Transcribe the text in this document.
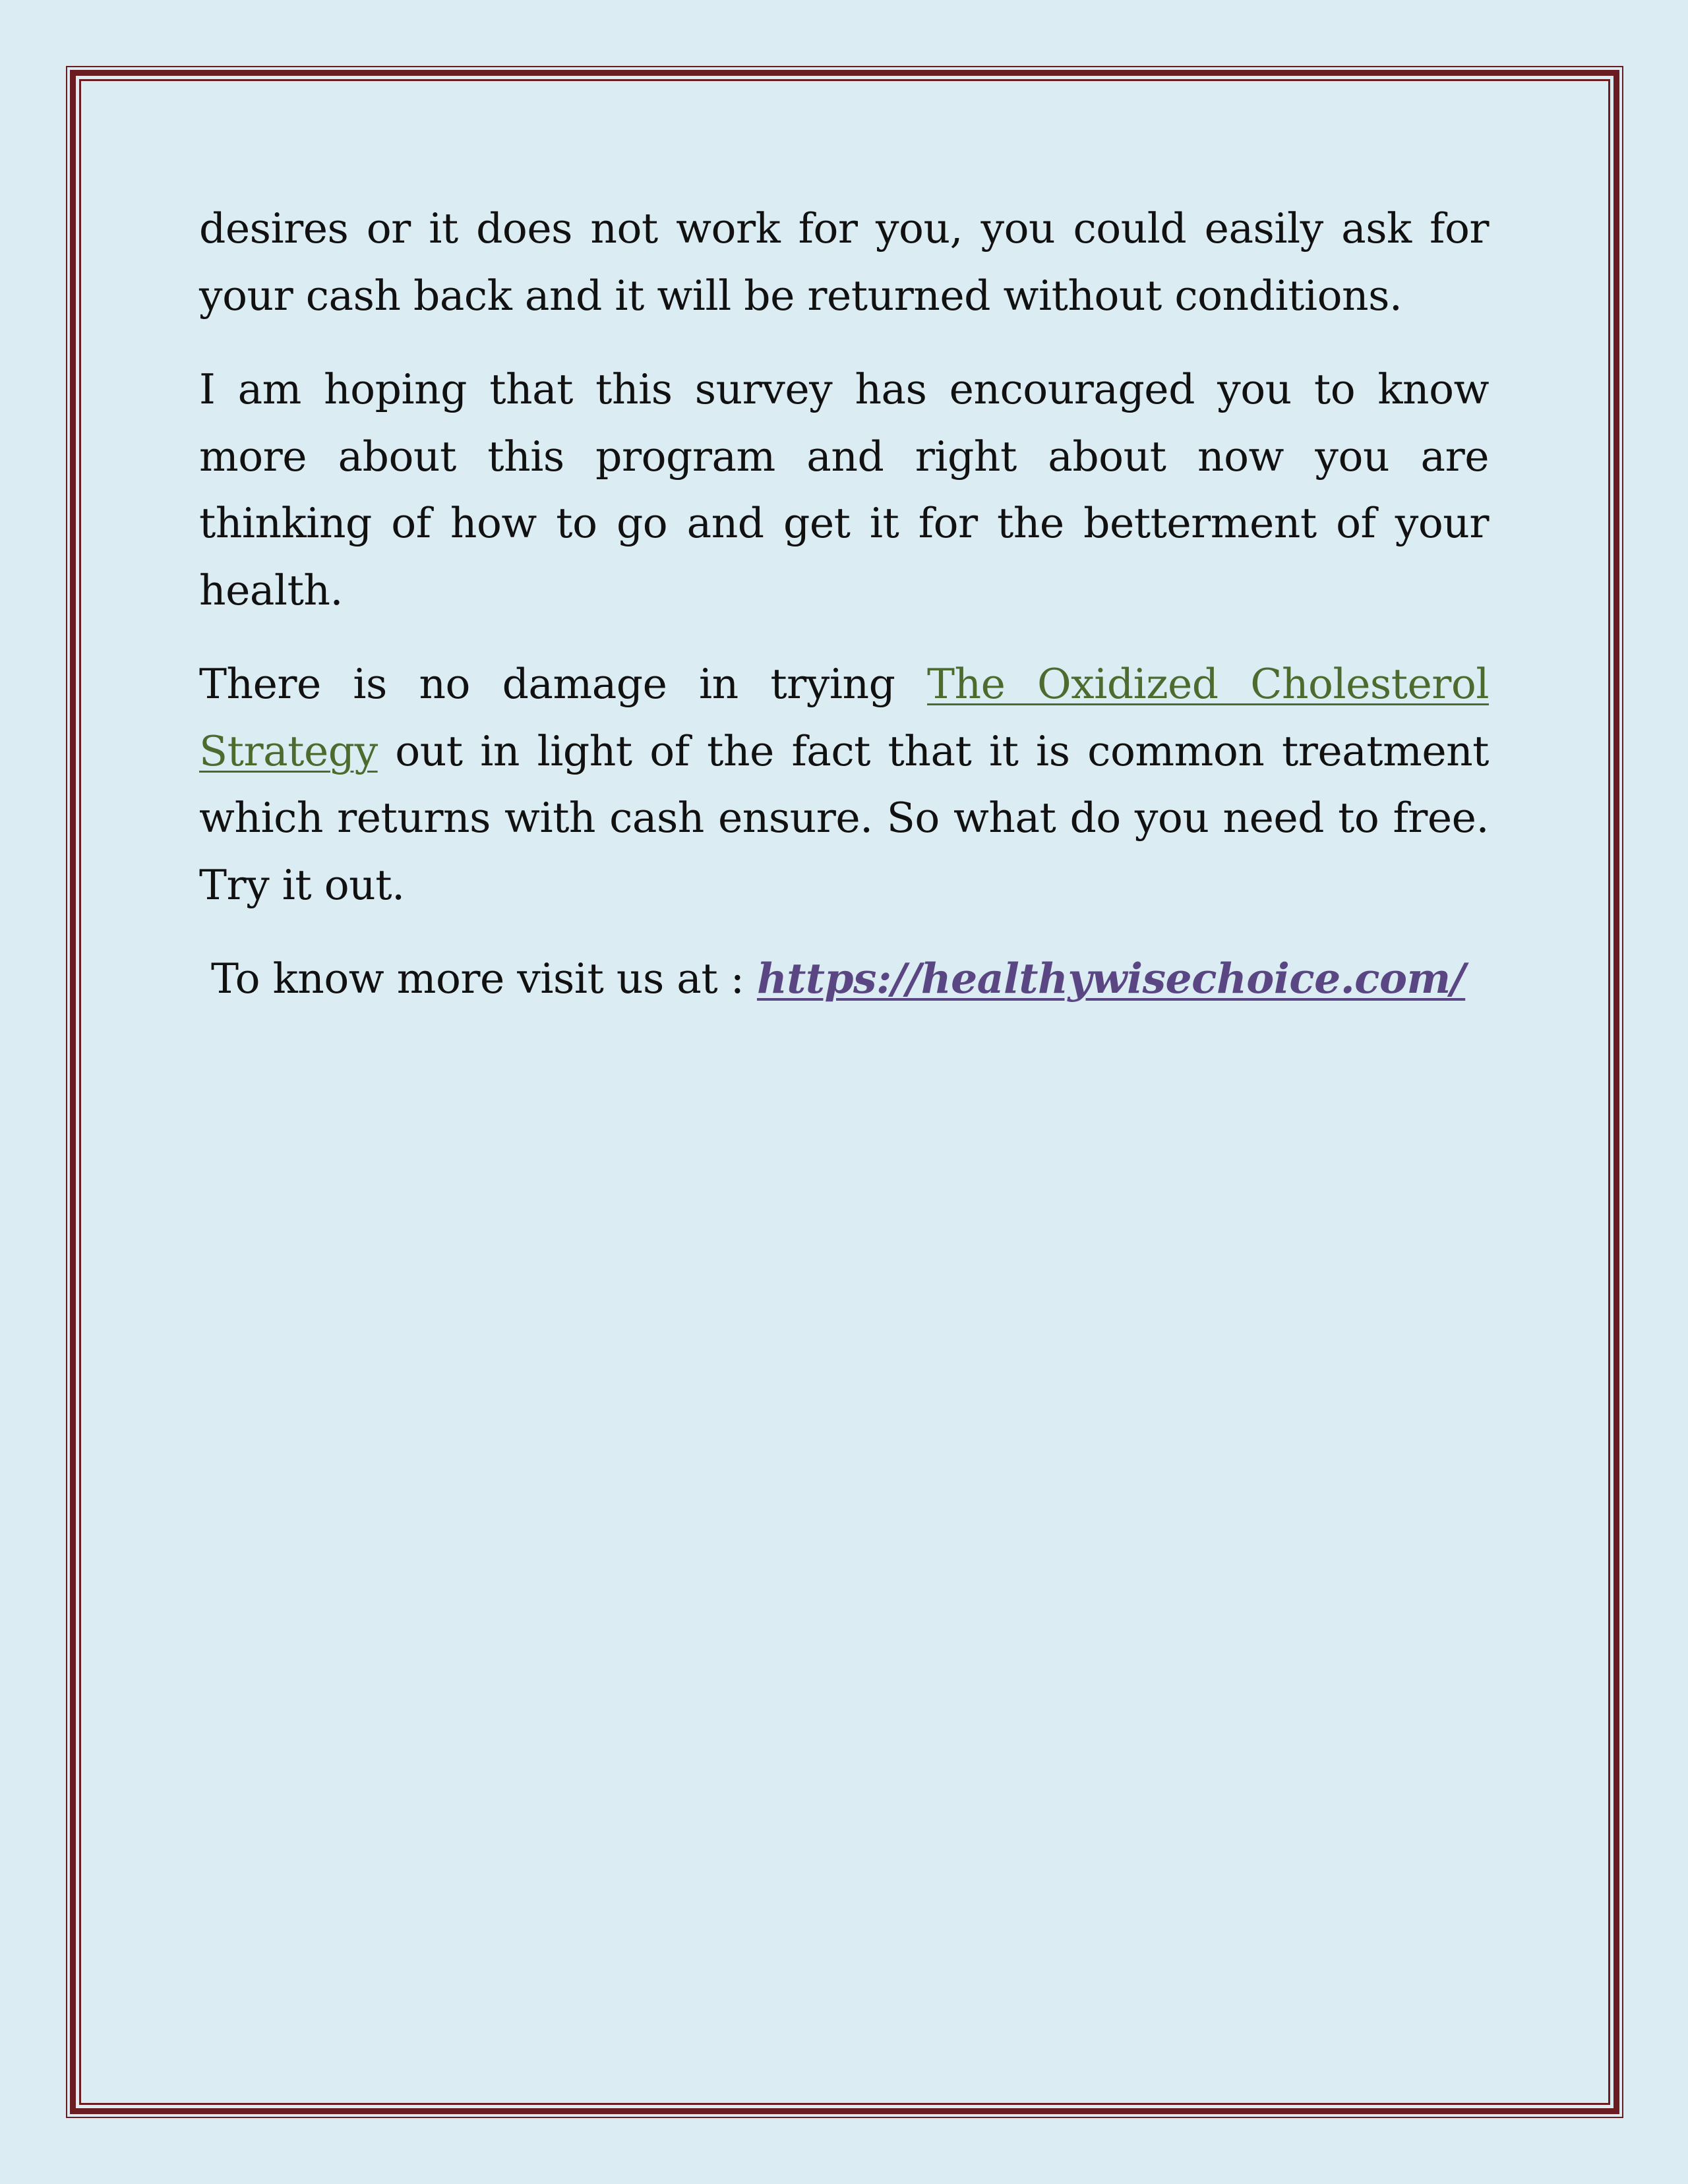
desires or it does not work for you, you could easily ask for your cash back and it will be returned without conditions.

I am hoping that this survey has encouraged you to know more about this program and right about now you are thinking of how to go and get it for the betterment of your health.

There is no damage in trying The Oxidized Cholesterol Strategy out in light of the fact that it is common treatment which returns with cash ensure. So what do you need to free. Try it out.

To know more visit us at : https://healthywisechoice.com/
